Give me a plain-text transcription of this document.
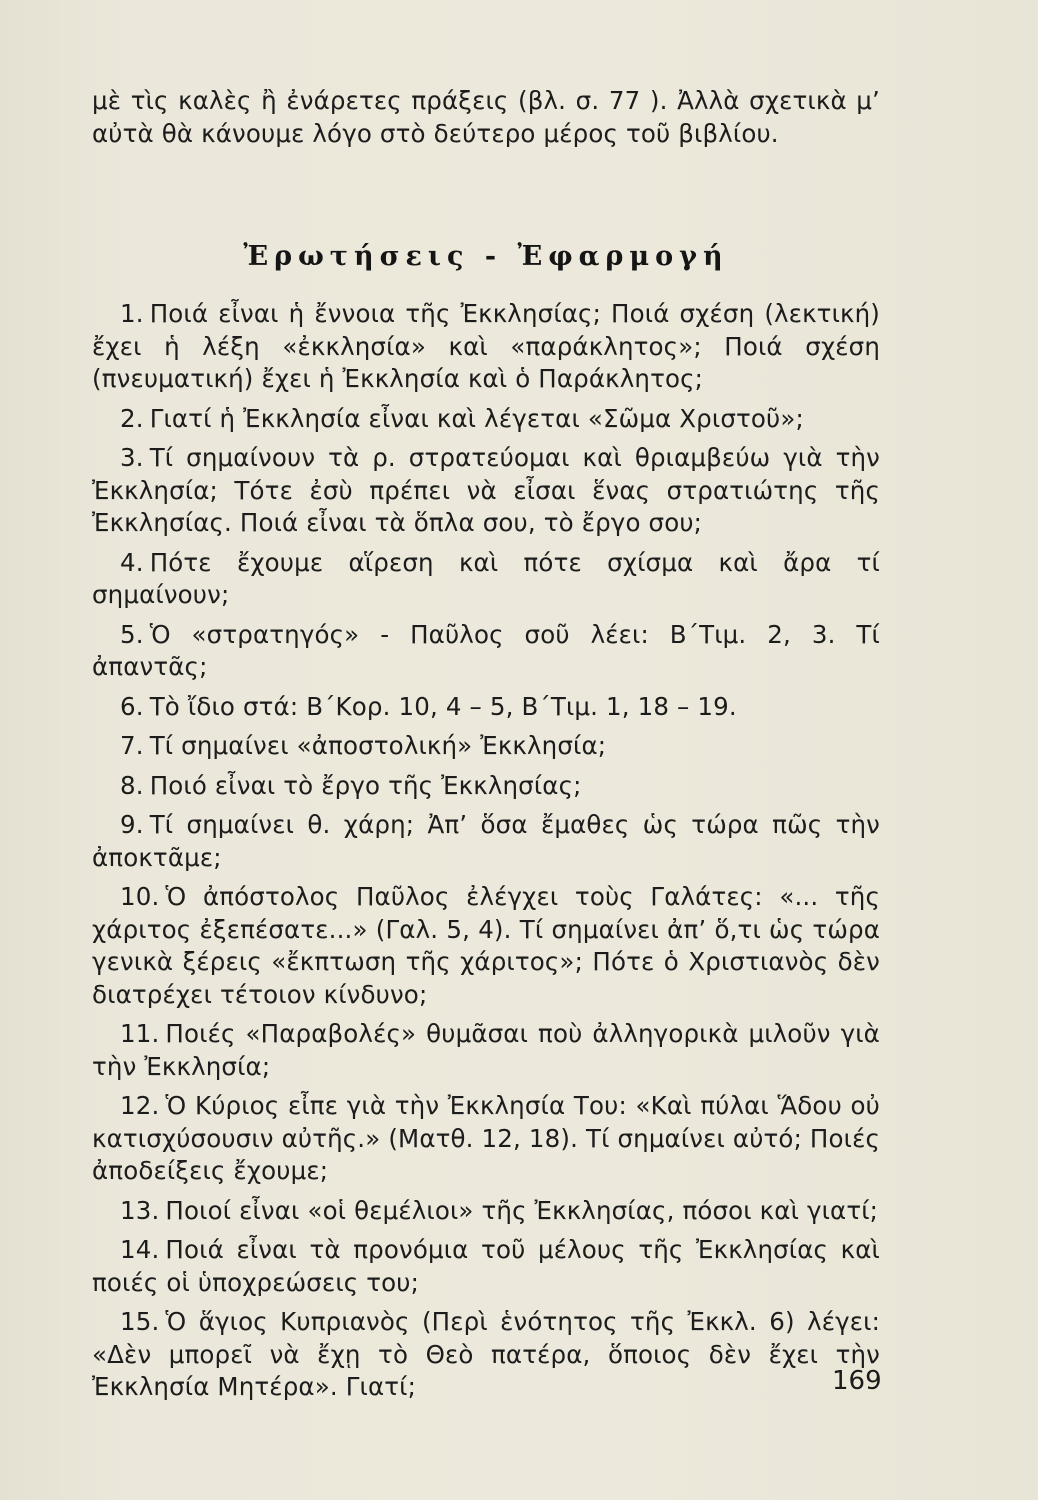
μὲ τὶς καλὲς ἢ ἐνάρετες πράξεις (βλ. σ. 77 ). Ἀλλὰ σχετικὰ μ’ αὐτὰ θὰ κάνουμε λόγο στὸ δεύτερο μέρος τοῦ βιβλίου.

Ἐρωτήσεις - Ἐφαρμογή
1. Ποιά εἶναι ἡ ἔννοια τῆς Ἐκκλησίας; Ποιά σχέση (λεκτική) ἔχει ἡ λέξη «ἐκκλησία» καὶ «παράκλητος»; Ποιά σχέση (πνευματική) ἔχει ἡ Ἐκκλησία καὶ ὁ Παράκλητος;
2. Γιατί ἡ Ἐκκλησία εἶναι καὶ λέγεται «Σῶμα Χριστοῦ»;
3. Τί σημαίνουν τὰ ρ. στρατεύομαι καὶ θριαμβεύω γιὰ τὴν Ἐκκλησία; Τότε ἐσὺ πρέπει νὰ εἶσαι ἕνας στρατιώτης τῆς Ἐκκλησίας. Ποιά εἶναι τὰ ὅπλα σου, τὸ ἔργο σου;
4. Πότε ἔχουμε αἵρεση καὶ πότε σχίσμα καὶ ἄρα τί σημαίνουν;
5. Ὁ «στρατηγός» - Παῦλος σοῦ λέει: Β΄Τιμ. 2, 3. Τί ἀπαντᾶς;
6. Τὸ ἴδιο στά: Β΄Κορ. 10, 4 – 5, Β΄Τιμ. 1, 18 – 19.
7. Τί σημαίνει «ἀποστολική» Ἐκκλησία;
8. Ποιό εἶναι τὸ ἔργο τῆς Ἐκκλησίας;
9. Τί σημαίνει θ. χάρη; Ἀπ’ ὅσα ἔμαθες ὡς τώρα πῶς τὴν ἀποκτᾶμε;
10. Ὁ ἀπόστολος Παῦλος ἐλέγχει τοὺς Γαλάτες: «... τῆς χάριτος ἐξεπέσατε...» (Γαλ. 5, 4). Τί σημαίνει ἀπ’ ὅ,τι ὡς τώρα γενικὰ ξέρεις «ἔκπτωση τῆς χάριτος»; Πότε ὁ Χριστιανὸς δὲν διατρέχει τέτοιον κίνδυνο;
11. Ποιές «Παραβολές» θυμᾶσαι ποὺ ἀλληγορικὰ μιλοῦν γιὰ τὴν Ἐκκλησία;
12. Ὁ Κύριος εἶπε γιὰ τὴν Ἐκκλησία Του: «Καὶ πύλαι Ἅδου οὐ κατισχύσουσιν αὐτῆς.» (Ματθ. 12, 18). Τί σημαίνει αὐτό; Ποιές ἀποδείξεις ἔχουμε;
13. Ποιοί εἶναι «οἱ θεμέλιοι» τῆς Ἐκκλησίας, πόσοι καὶ γιατί;
14. Ποιά εἶναι τὰ προνόμια τοῦ μέλους τῆς Ἐκκλησίας καὶ ποιές οἱ ὑποχρεώσεις του;
15. Ὁ ἅγιος Κυπριανὸς (Περὶ ἑνότητος τῆς Ἐκκλ. 6) λέγει: «Δὲν μπορεῖ νὰ ἔχῃ τὸ Θεὸ πατέρα, ὅποιος δὲν ἔχει τὴν Ἐκκλησία Μητέρα». Γιατί;	169
